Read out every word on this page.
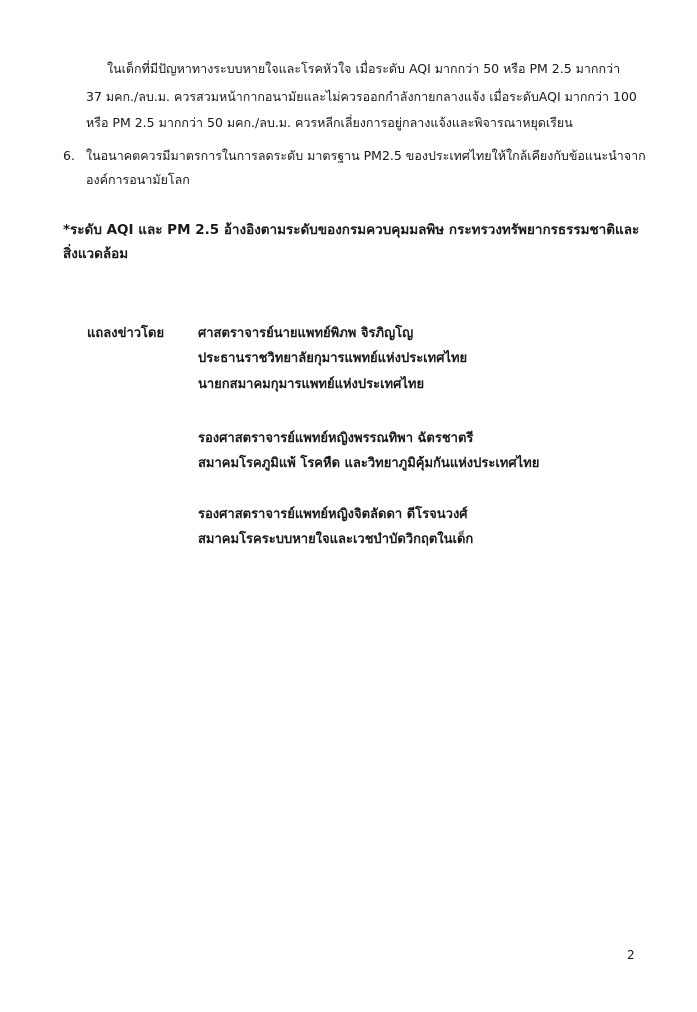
ในเด็กที่มีปัญหาทางระบบหายใจและโรคหัวใจ เมื่อระดับ AQI มากกว่า 50 หรือ PM 2.5 มากกว่า
37 มคก./ลบ.ม. ควรสวมหน้ากากอนามัยและไม่ควรออกกำลังกายกลางแจ้ง เมื่อระดับAQI มากกว่า 100
หรือ PM 2.5 มากกว่า 50 มคก./ลบ.ม. ควรหลีกเลี่ยงการอยู่กลางแจ้งและพิจารณาหยุดเรียน
6. ในอนาคตควรมีมาตรการในการลดระดับ มาตรฐาน PM2.5 ของประเทศไทยให้ใกล้เคียงกับข้อแนะนำจาก
องค์การอนามัยโลก
*ระดับ AQI และ PM 2.5 อ้างอิงตามระดับของกรมควบคุมมลพิษ กระทรวงทรัพยากรธรรมชาติและ
สิ่งแวดล้อม
แถลงข่าวโดย	ศาสตราจารย์นายแพทย์พิภพ จิรภิญโญ
ประธานราชวิทยาลัยกุมารแพทย์แห่งประเทศไทย
นายกสมาคมกุมารแพทย์แห่งประเทศไทย
รองศาสตราจารย์แพทย์หญิงพรรณทิพา ฉัตรชาตรี
สมาคมโรคภูมิแพ้ โรคหืด และวิทยาภูมิคุ้มกันแห่งประเทศไทย
รองศาสตราจารย์แพทย์หญิงจิตลัดดา ดีโรจนวงศ์
สมาคมโรคระบบหายใจและเวชบำบัดวิกฤตในเด็ก
2
